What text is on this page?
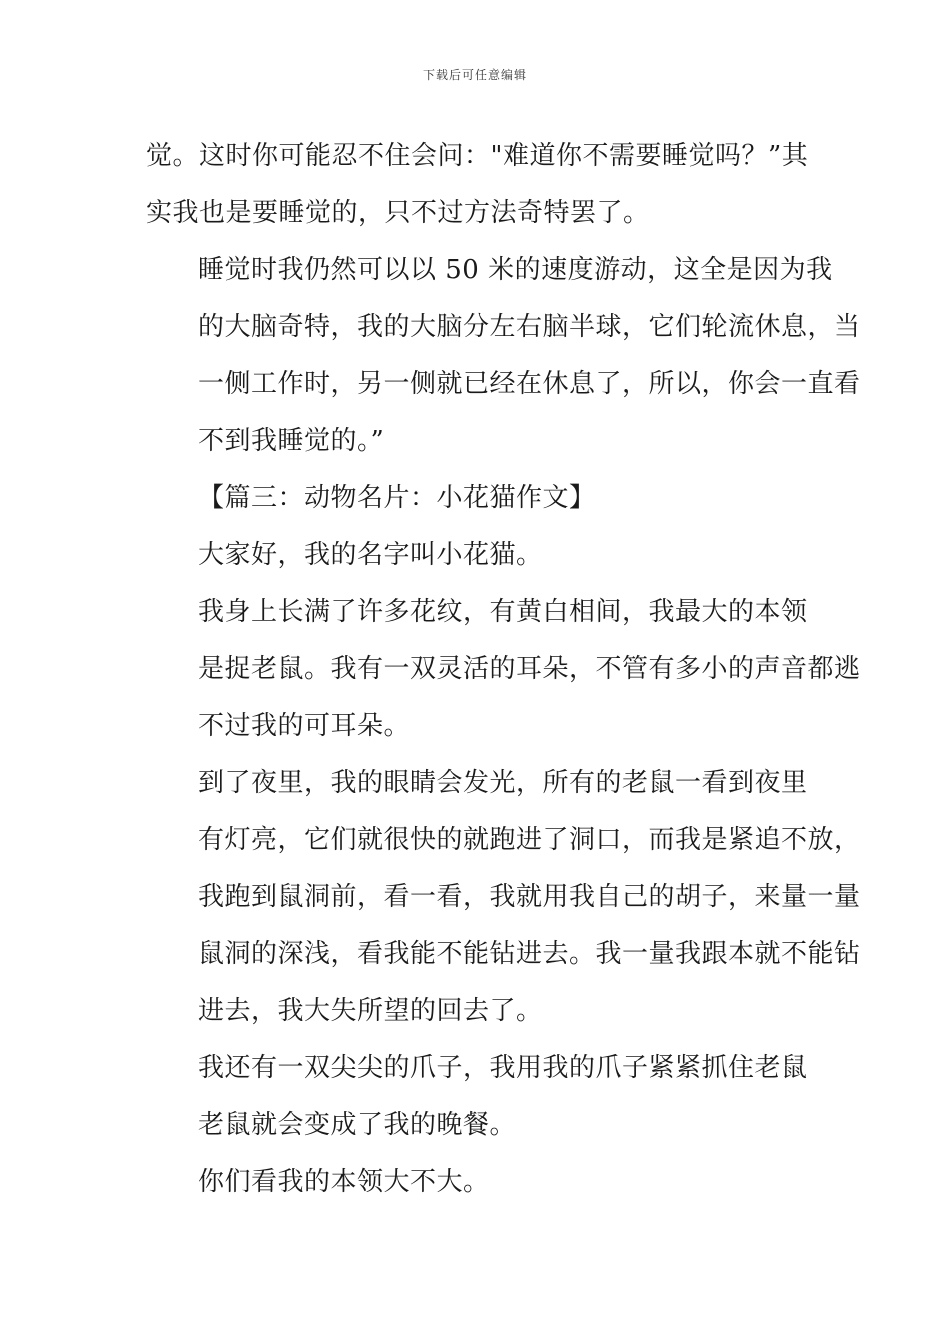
下载后可任意编辑

觉。这时你可能忍不住会问："难道你不需要睡觉吗？”其
实我也是要睡觉的，只不过方法奇特罢了。

睡觉时我仍然可以以 50 米的速度游动，这全是因为我
的大脑奇特，我的大脑分左右脑半球，它们轮流休息，当
一侧工作时，另一侧就已经在休息了，所以，你会一直看
不到我睡觉的。”

【篇三：动物名片：小花猫作文】

大家好，我的名字叫小花猫。

我身上长满了许多花纹，有黄白相间，我最大的本领
是捉老鼠。我有一双灵活的耳朵，不管有多小的声音都逃
不过我的可耳朵。

到了夜里，我的眼睛会发光，所有的老鼠一看到夜里
有灯亮，它们就很快的就跑进了洞口，而我是紧追不放，
我跑到鼠洞前，看一看，我就用我自己的胡子，来量一量
鼠洞的深浅，看我能不能钻进去。我一量我跟本就不能钻
进去，我大失所望的回去了。

我还有一双尖尖的爪子，我用我的爪子紧紧抓住老鼠
老鼠就会变成了我的晚餐。

你们看我的本领大不大。
